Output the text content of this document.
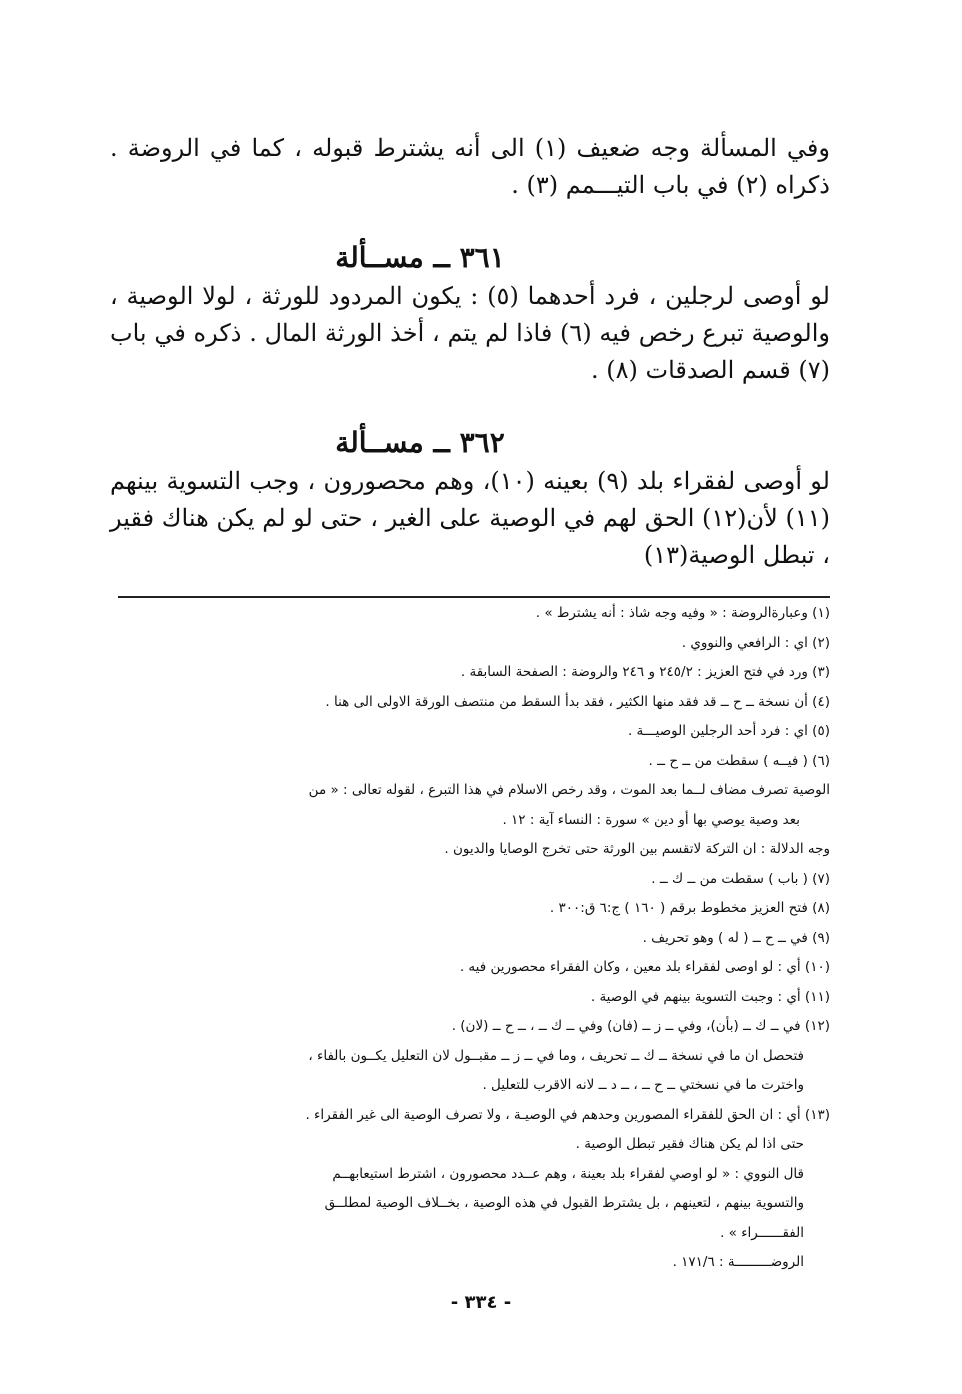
وفي المسألة وجه ضعيف (١) الى أنه يشترط قبوله ، كما في الروضة . ذكراه (٢) في باب التيـــمم (٣) .

٣٦١ ــ مســألة

لو أوصى لرجلين ، فرد أحدهما (٥) : يكون المردود للورثة ، لولا الوصية ، والوصية تبرع رخص فيه (٦) فاذا لم يتم ، أخذ الورثة المال . ذكره في باب (٧) قسم الصدقات (٨) .

٣٦٢ ــ مســألة

لو أوصى لفقراء بلد (٩) بعينه (١٠)، وهم محصورون ، وجب التسوية بينهم (١١) لأن(١٢) الحق لهم في الوصية على الغير ، حتى لو لم يكن هناك فقير ، تبطل الوصية(١٣)

(١) وعبارةالروضة : « وفيه وجه شاذ : أنه يشترط » .

(٢) اي : الرافعي والنووي .

(٣) ورد في فتح العزيز : ٢٤٥/٢ و ٢٤٦ والروضة : الصفحة السابقة .

(٤) أن نسخة ــ ح ــ قد فقد منها الكثير ، فقد بدأ السقط من منتصف الورقة الاولى الى هنا .

(٥) اي : فرد أحد الرجلين الوصيـــة .

(٦) ( فيــه ) سقطت من ــ ح ــ .

الوصية تصرف مضاف لــما بعد الموت ، وقد رخص الاسلام في هذا التبرع ، لقوله تعالى : « من

بعد وصية يوصي بها أو دين » سورة : النساء آية : ١٢ .

وجه الدلالة : ان التركة لاتقسم بين الورثة حتى تخرج الوصايا والديون .

(٧) ( باب ) سقطت من ــ ك ــ .

(٨) فتح العزيز مخطوط برقم ( ١٦٠ ) ج:٦ ق:٣٠٠ .

(٩) في ــ ح ــ ( له ) وهو تحريف .

(١٠) أي : لو اوصى لفقراء بلد معين ، وكان الفقراء محصورين فيه .

(١١) أي : وجبت التسوية بينهم في الوصية .

(١٢) في ــ ك ــ (بأن)، وفي ــ ز ــ (فان) وفي ــ ك ــ ، ــ ح ــ (لان) .

فتحصل ان ما في نسخة ــ ك ــ تحريف ، وما في ــ ز ــ مقبــول لان التعليل يكــون بالفاء ،

واخترت ما في نسختي ــ ح ــ ، ــ د ــ لانه الاقرب للتعليل .

(١٣) أي : ان الحق للفقراء المصورين وحدهم في الوصيـة ، ولا تصرف الوصية الى غير الفقراء .

حتى اذا لم يكن هناك فقير تبطل الوصية .

قال النووي : « لو اوصي لفقراء بلد بعينة ، وهم عــدد محصورون ، اشترط استيعابهــم

والتسوية بينهم ، لتعينهم ، بل يشترط القبول في هذه الوصية ، بخــلاف الوصية لمطلــق

الفقــــــراء » .

الروضـــــــــة : ١٧١/٦ .

- ٣٣٤ -
